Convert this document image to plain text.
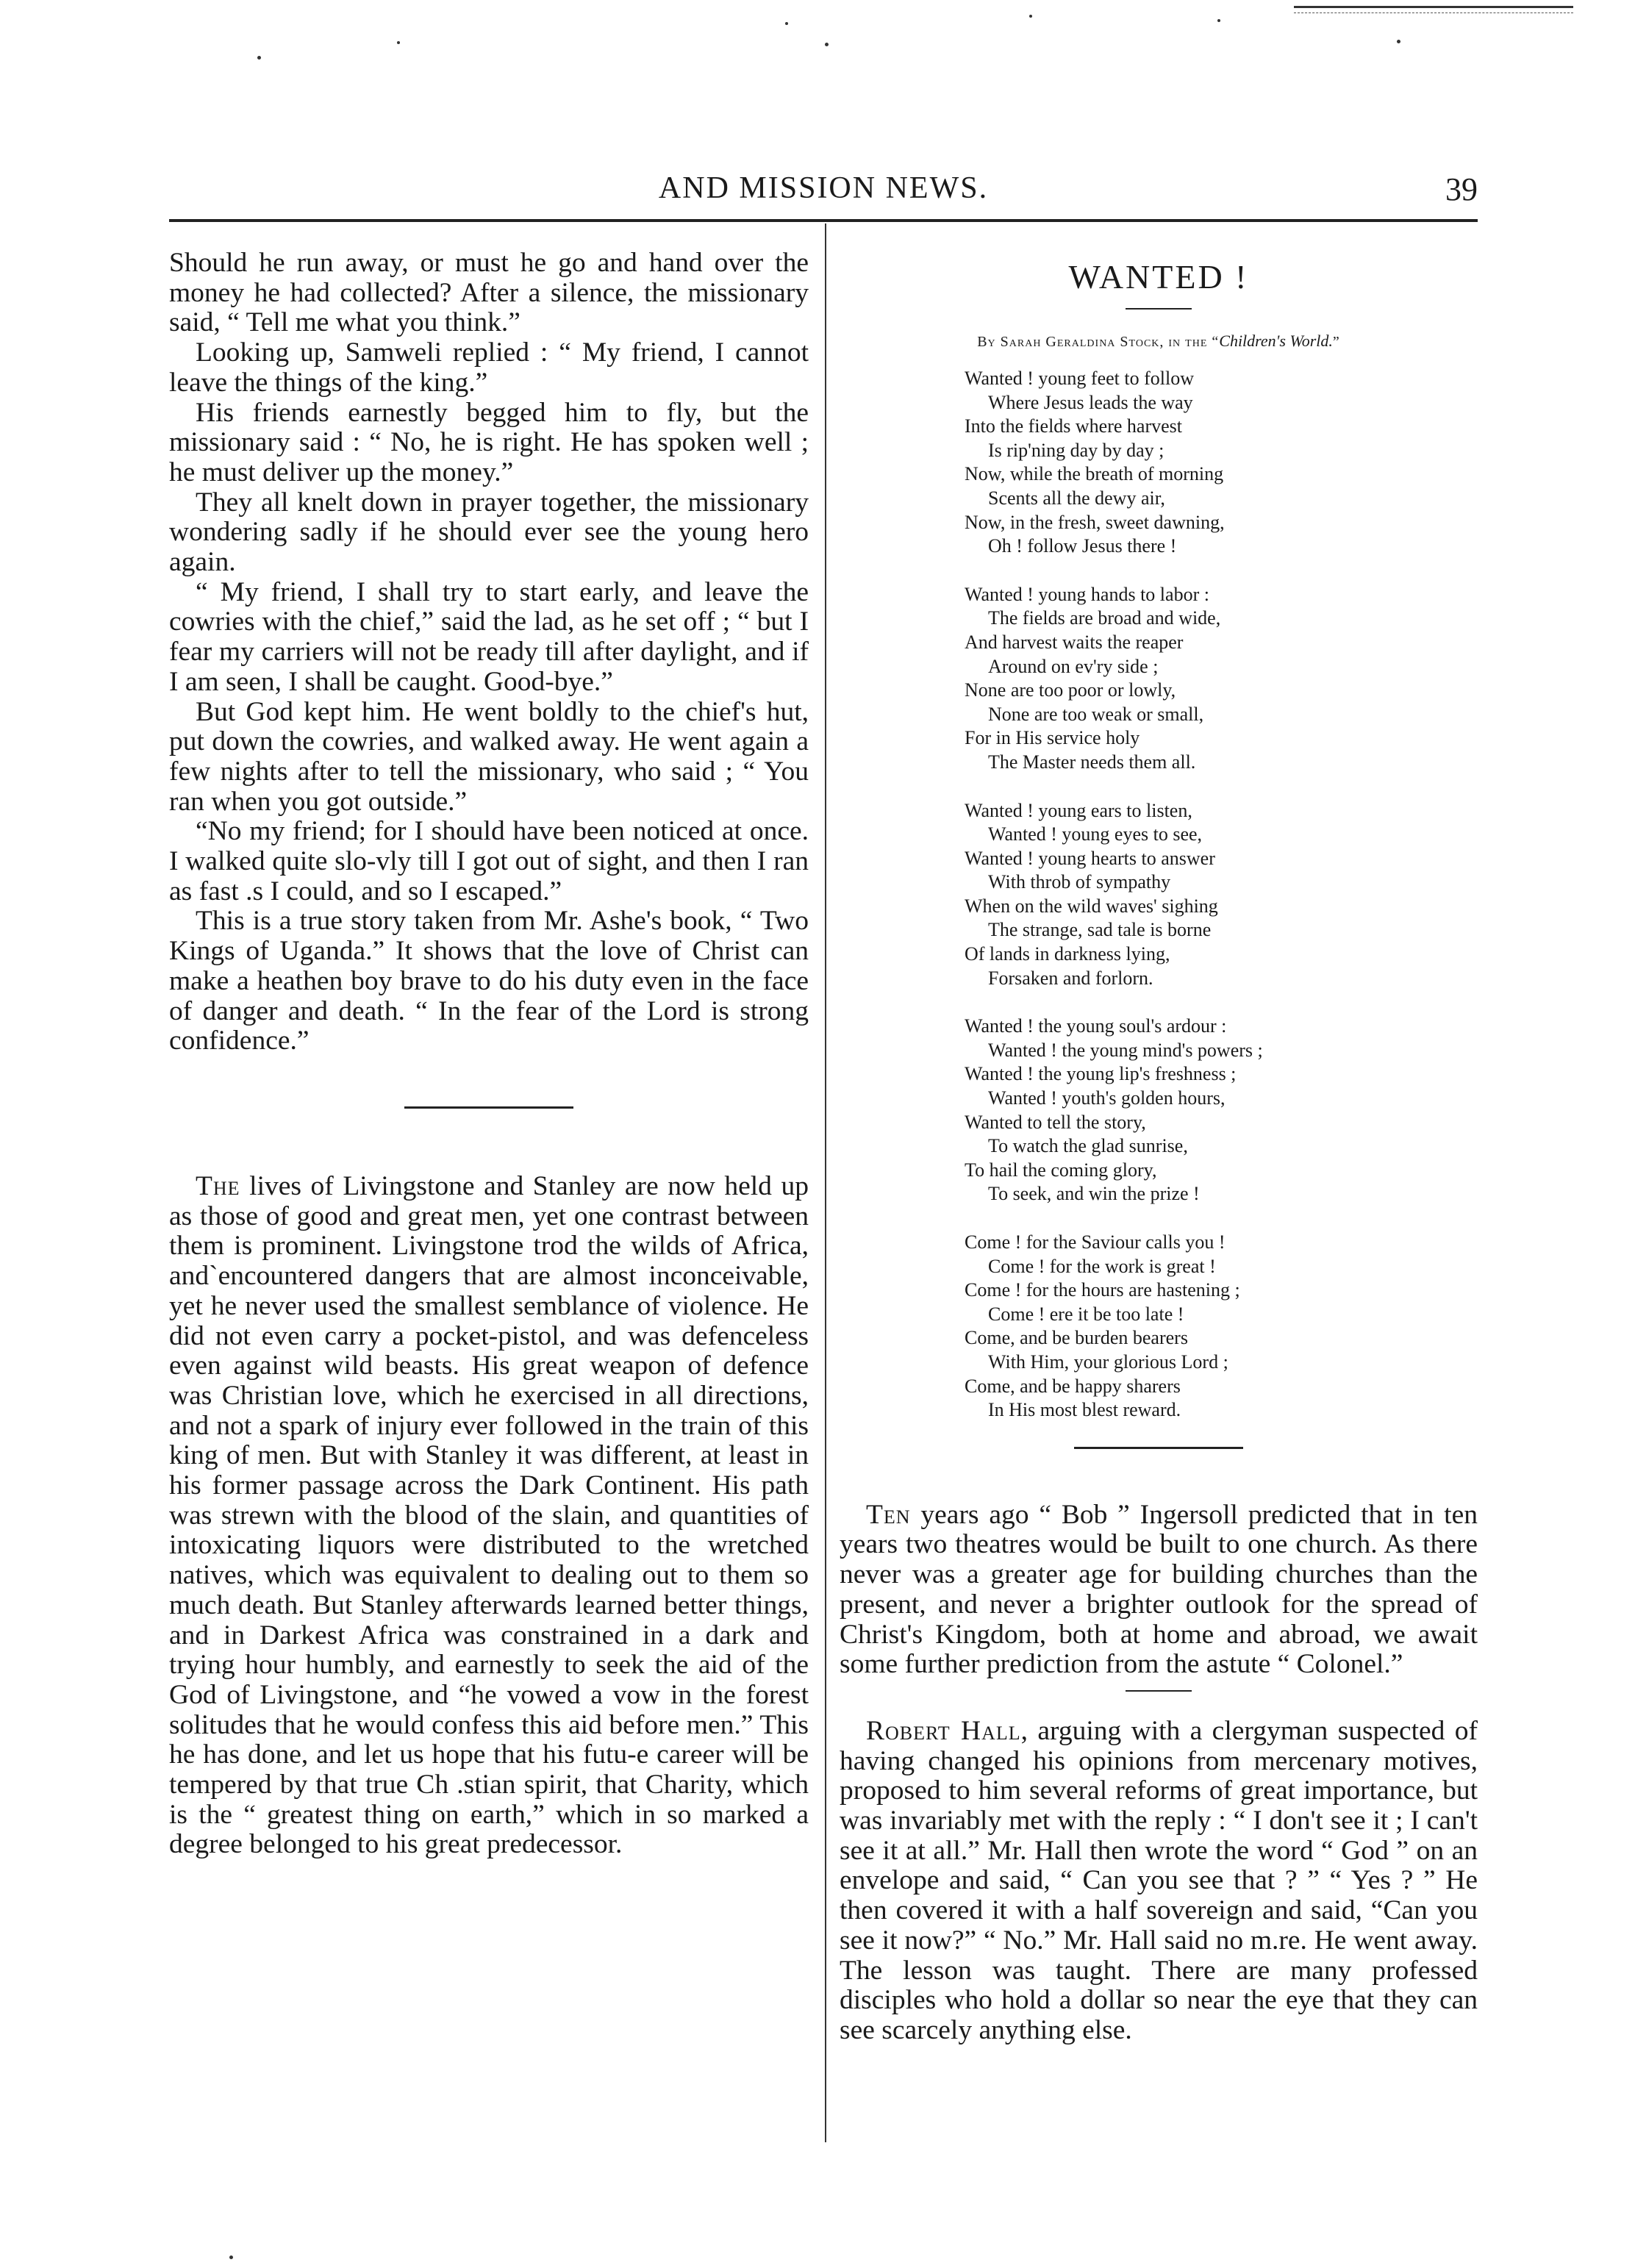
AND MISSION NEWS.	39

Should he run away, or must he go and hand over the money he had collected? After a silence, the missionary said, “ Tell me what you think.”

Looking up, Samweli replied : “ My friend, I cannot leave the things of the king.”

His friends earnestly begged him to fly, but the missionary said : “ No, he is right. He has spoken well ; he must deliver up the money.”

They all knelt down in prayer together, the missionary wondering sadly if he should ever see the young hero again.

“ My friend, I shall try to start early, and leave the cowries with the chief,” said the lad, as he set off ; “ but I fear my carriers will not be ready till after daylight, and if I am seen, I shall be caught. Good-bye.”

But God kept him. He went boldly to the chief's hut, put down the cowries, and walked away. He went again a few nights after to tell the missionary, who said ; “ You ran when you got outside.”

“No my friend; for I should have been noticed at once. I walked quite slo-vly till I got out of sight, and then I ran as fast .s I could, and so I escaped.”

This is a true story taken from Mr. Ashe's book, “ Two Kings of Uganda.” It shows that the love of Christ can make a heathen boy brave to do his duty even in the face of danger and death. “ In the fear of the Lord is strong confidence.”

The lives of Livingstone and Stanley are now held up as those of good and great men, yet one contrast between them is prominent. Livingstone trod the wilds of Africa, and`encountered dangers that are almost inconceivable, yet he never used the smallest semblance of violence. He did not even carry a pocket-pistol, and was defenceless even against wild beasts. His great weapon of defence was Christian love, which he exercised in all directions, and not a spark of injury ever followed in the train of this king of men. But with Stanley it was different, at least in his former passage across the Dark Continent. His path was strewn with the blood of the slain, and quantities of intoxicating liquors were distributed to the wretched natives, which was equivalent to dealing out to them so much death. But Stanley afterwards learned better things, and in Darkest Africa was constrained in a dark and trying hour humbly, and earnestly to seek the aid of the God of Livingstone, and “he vowed a vow in the forest solitudes that he would confess this aid before men.” This he has done, and let us hope that his futu-e career will be tempered by that true Ch .stian spirit, that Charity, which is the “ greatest thing on earth,” which in so marked a degree belonged to his great predecessor.

WANTED !
By Sarah Geraldina Stock, in the “Children's World.”
Wanted ! young feet to follow
Where Jesus leads the way
Into the fields where harvest
Is rip'ning day by day ;
Now, while the breath of morning
Scents all the dewy air,
Now, in the fresh, sweet dawning,
Oh ! follow Jesus there !
Wanted ! young hands to labor :
The fields are broad and wide,
And harvest waits the reaper
Around on ev'ry side ;
None are too poor or lowly,
None are too weak or small,
For in His service holy
The Master needs them all.
Wanted ! young ears to listen,
Wanted ! young eyes to see,
Wanted ! young hearts to answer
With throb of sympathy
When on the wild waves' sighing
The strange, sad tale is borne
Of lands in darkness lying,
Forsaken and forlorn.
Wanted ! the young soul's ardour :
Wanted ! the young mind's powers ;
Wanted ! the young lip's freshness ;
Wanted ! youth's golden hours,
Wanted to tell the story,
To watch the glad sunrise,
To hail the coming glory,
To seek, and win the prize !
Come ! for the Saviour calls you !
Come ! for the work is great !
Come ! for the hours are hastening ;
Come ! ere it be too late !
Come, and be burden bearers
With Him, your glorious Lord ;
Come, and be happy sharers
In His most blest reward.

Ten years ago “ Bob ” Ingersoll predicted that in ten years two theatres would be built to one church. As there never was a greater age for building churches than the present, and never a brighter outlook for the spread of Christ's Kingdom, both at home and abroad, we await some further prediction from the astute “ Colonel.”

Robert Hall, arguing with a clergyman suspected of having changed his opinions from mercenary motives, proposed to him several reforms of great importance, but was invariably met with the reply : “ I don't see it ; I can't see it at all.” Mr. Hall then wrote the word “ God ” on an envelope and said, “ Can you see that ? ” “ Yes ? ” He then covered it with a half sovereign and said, “Can you see it now?” “ No.” Mr. Hall said no m.re. He went away. The lesson was taught. There are many professed disciples who hold a dollar so near the eye that they can see scarcely anything else.
